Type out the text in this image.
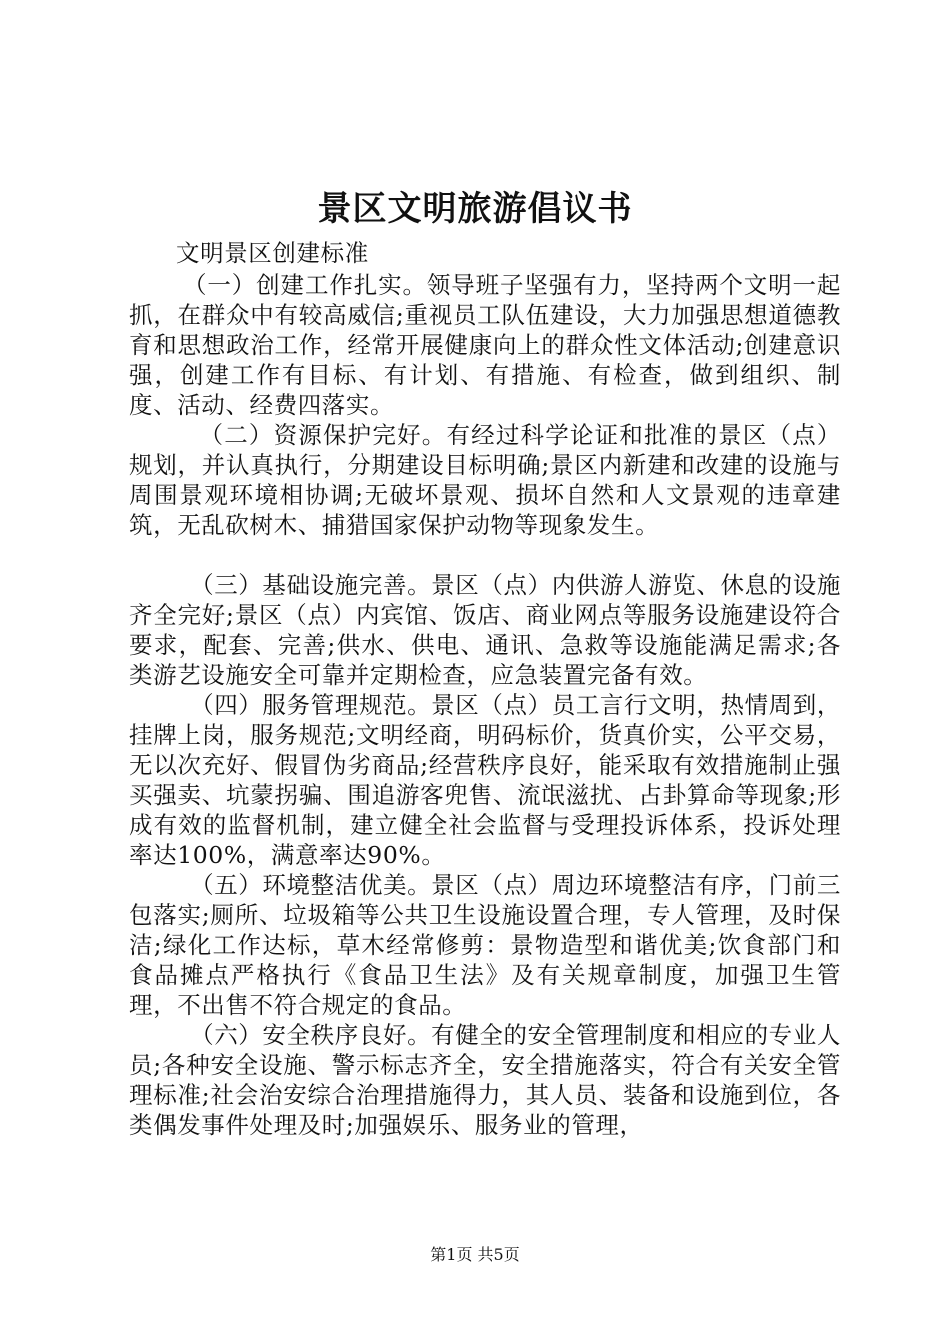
景区文明旅游倡议书

文明景区创建标准

（一）创建工作扎实。领导班子坚强有力，坚持两个文明一起抓，在群众中有较高威信;重视员工队伍建设，大力加强思想道德教育和思想政治工作，经常开展健康向上的群众性文体活动;创建意识强，创建工作有目标、有计划、有措施、有检查，做到组织、制度、活动、经费四落实。

（二）资源保护完好。有经过科学论证和批准的景区（点）规划，并认真执行，分期建设目标明确;景区内新建和改建的设施与周围景观环境相协调;无破坏景观、损坏自然和人文景观的违章建筑，无乱砍树木、捕猎国家保护动物等现象发生。

（三）基础设施完善。景区（点）内供游人游览、休息的设施齐全完好;景区（点）内宾馆、饭店、商业网点等服务设施建设符合要求，配套、完善;供水、供电、通讯、急救等设施能满足需求;各类游艺设施安全可靠并定期检查，应急装置完备有效。

（四）服务管理规范。景区（点）员工言行文明，热情周到，挂牌上岗，服务规范;文明经商，明码标价，货真价实，公平交易，无以次充好、假冒伪劣商品;经营秩序良好，能采取有效措施制止强买强卖、坑蒙拐骗、围追游客兜售、流氓滋扰、占卦算命等现象;形成有效的监督机制，建立健全社会监督与受理投诉体系，投诉处理率达100%，满意率达90%。

（五）环境整洁优美。景区（点）周边环境整洁有序，门前三包落实;厕所、垃圾箱等公共卫生设施设置合理，专人管理，及时保洁;绿化工作达标，草木经常修剪：景物造型和谐优美;饮食部门和食品摊点严格执行《食品卫生法》及有关规章制度，加强卫生管理，不出售不符合规定的食品。

（六）安全秩序良好。有健全的安全管理制度和相应的专业人员;各种安全设施、警示标志齐全，安全措施落实，符合有关安全管理标准;社会治安综合治理措施得力，其人员、装备和设施到位，各类偶发事件处理及时;加强娱乐、服务业的管理，

第1页 共5页
